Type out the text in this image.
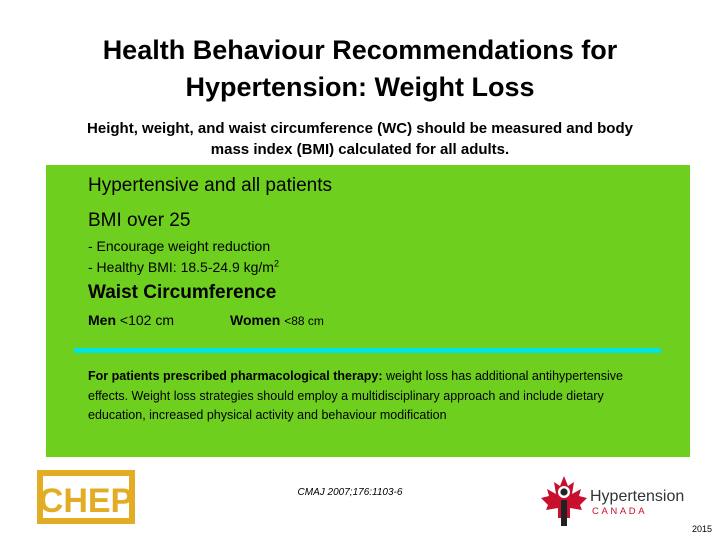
Health Behaviour Recommendations for
Hypertension: Weight Loss
Height, weight, and waist circumference (WC) should be measured and body
mass index (BMI) calculated for all adults.
Hypertensive and all patients
BMI over 25
- Encourage weight reduction
- Healthy BMI: 18.5-24.9 $kg/m^2$
Waist Circumference
Men <102 cm	Women <88 cm
For patients prescribed pharmacological therapy: weight loss has additional antihypertensive effects. Weight loss strategies should employ a multidisciplinary approach and include dietary education, increased physical activity and behaviour modification
CHEP	CMAJ 2007;176:1103-6	Hypertension
CANADA
2015
